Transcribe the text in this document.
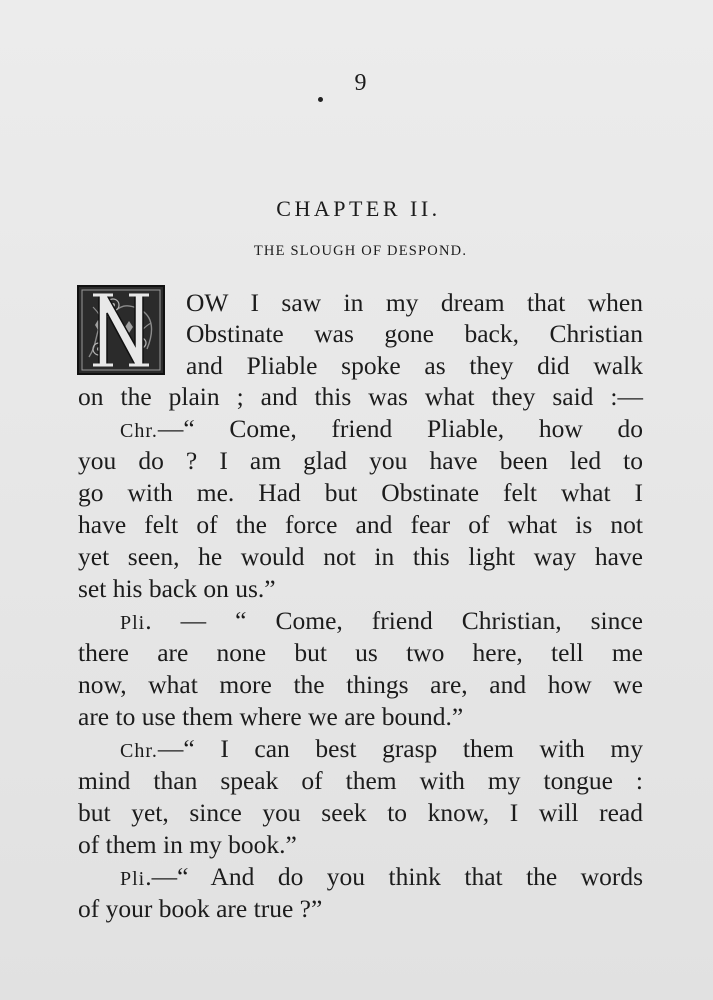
9
CHAPTER II.
THE SLOUGH OF DESPOND.
OW I saw in my dream that when
Obstinate was gone back, Christian
and Pliable spoke as they did walk
on the plain ; and this was what they said :—
Chr.—“ Come, friend Pliable, how do
you do ? I am glad you have been led to
go with me. Had but Obstinate felt what I
have felt of the force and fear of what is not
yet seen, he would not in this light way have
set his back on us.”
Pli. — “ Come, friend Christian, since
there are none but us two here, tell me
now, what more the things are, and how we
are to use them where we are bound.”
Chr.—“ I can best grasp them with my
mind than speak of them with my tongue :
but yet, since you seek to know, I will read
of them in my book.”
Pli.—“ And do you think that the words
of your book are true ?”
